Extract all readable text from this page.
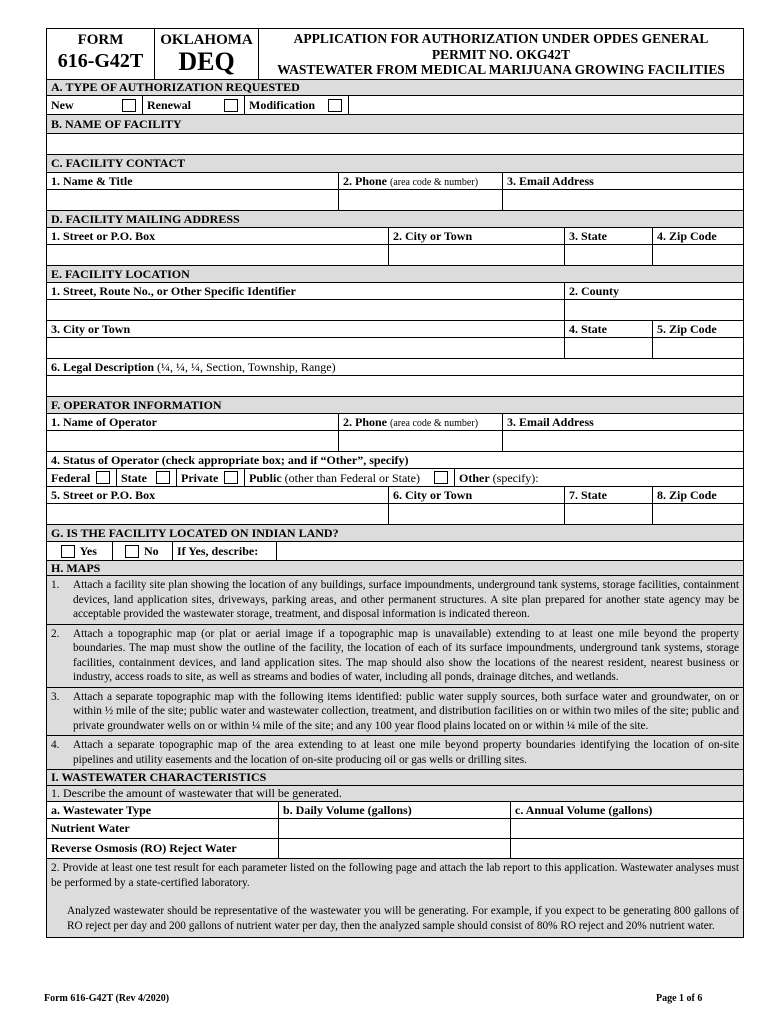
FORM
616-G42T
OKLAHOMA
DEQ
APPLICATION FOR AUTHORIZATION UNDER OPDES GENERAL
PERMIT NO. OKG42T
WASTEWATER FROM MEDICAL MARIJUANA GROWING FACILITIES
A. TYPE OF AUTHORIZATION REQUESTED
New	Renewal	Modification
B. NAME OF FACILITY
C. FACILITY CONTACT
1. Name & Title	2. Phone (area code & number)	3. Email Address
D. FACILITY MAILING ADDRESS
1. Street or P.O. Box	2. City or Town	3. State	4. Zip Code
E. FACILITY LOCATION
1. Street, Route No., or Other Specific Identifier	2. County
3. City or Town	4. State	5. Zip Code
6. Legal Description (¼, ¼, ¼, Section, Township, Range)
F. OPERATOR INFORMATION
1. Name of Operator	2. Phone (area code & number)	3. Email Address
4. Status of Operator (check appropriate box; and if “Other”, specify)
Federal	State	Private	Public (other than Federal or State)	Other (specify):
5. Street or P.O. Box	6. City or Town	7. State	8. Zip Code
G. IS THE FACILITY LOCATED ON INDIAN LAND?
Yes	No	If Yes, describe:
H. MAPS
1.	Attach a facility site plan showing the location of any buildings, surface impoundments, underground tank systems, storage facilities, containment devices, land application sites, driveways, parking areas, and other permanent structures. A site plan prepared for another state agency may be acceptable provided the wastewater storage, treatment, and disposal information is indicated thereon.
2.	Attach a topographic map (or plat or aerial image if a topographic map is unavailable) extending to at least one mile beyond the property boundaries. The map must show the outline of the facility, the location of each of its surface impoundments, underground tank systems, storage facilities, containment devices, and land application sites. The map should also show the locations of the nearest resident, nearest business or industry, access roads to site, as well as streams and bodies of water, including all ponds, drainage ditches, and wetlands.
3.	Attach a separate topographic map with the following items identified: public water supply sources, both surface water and groundwater, on or within ½ mile of the site; public water and wastewater collection, treatment, and distribution facilities on or within two miles of the site; public and private groundwater wells on or within ¼ mile of the site; and any 100 year flood plains located on or within ¼ mile of the site.
4.	Attach a separate topographic map of the area extending to at least one mile beyond property boundaries identifying the location of on-site pipelines and utility easements and the location of on-site producing oil or gas wells or drilling sites.
I. WASTEWATER CHARACTERISTICS
1. Describe the amount of wastewater that will be generated.
a. Wastewater Type	b. Daily Volume (gallons)	c. Annual Volume (gallons)
Nutrient Water
Reverse Osmosis (RO) Reject Water
2. Provide at least one test result for each parameter listed on the following page and attach the lab report to this application. Wastewater analyses must be performed by a state-certified laboratory.
Analyzed wastewater should be representative of the wastewater you will be generating. For example, if you expect to be generating 800 gallons of RO reject per day and 200 gallons of nutrient water per day, then the analyzed sample should consist of 80% RO reject and 20% nutrient water.
Form 616-G42T (Rev 4/2020)	Page 1 of 6
